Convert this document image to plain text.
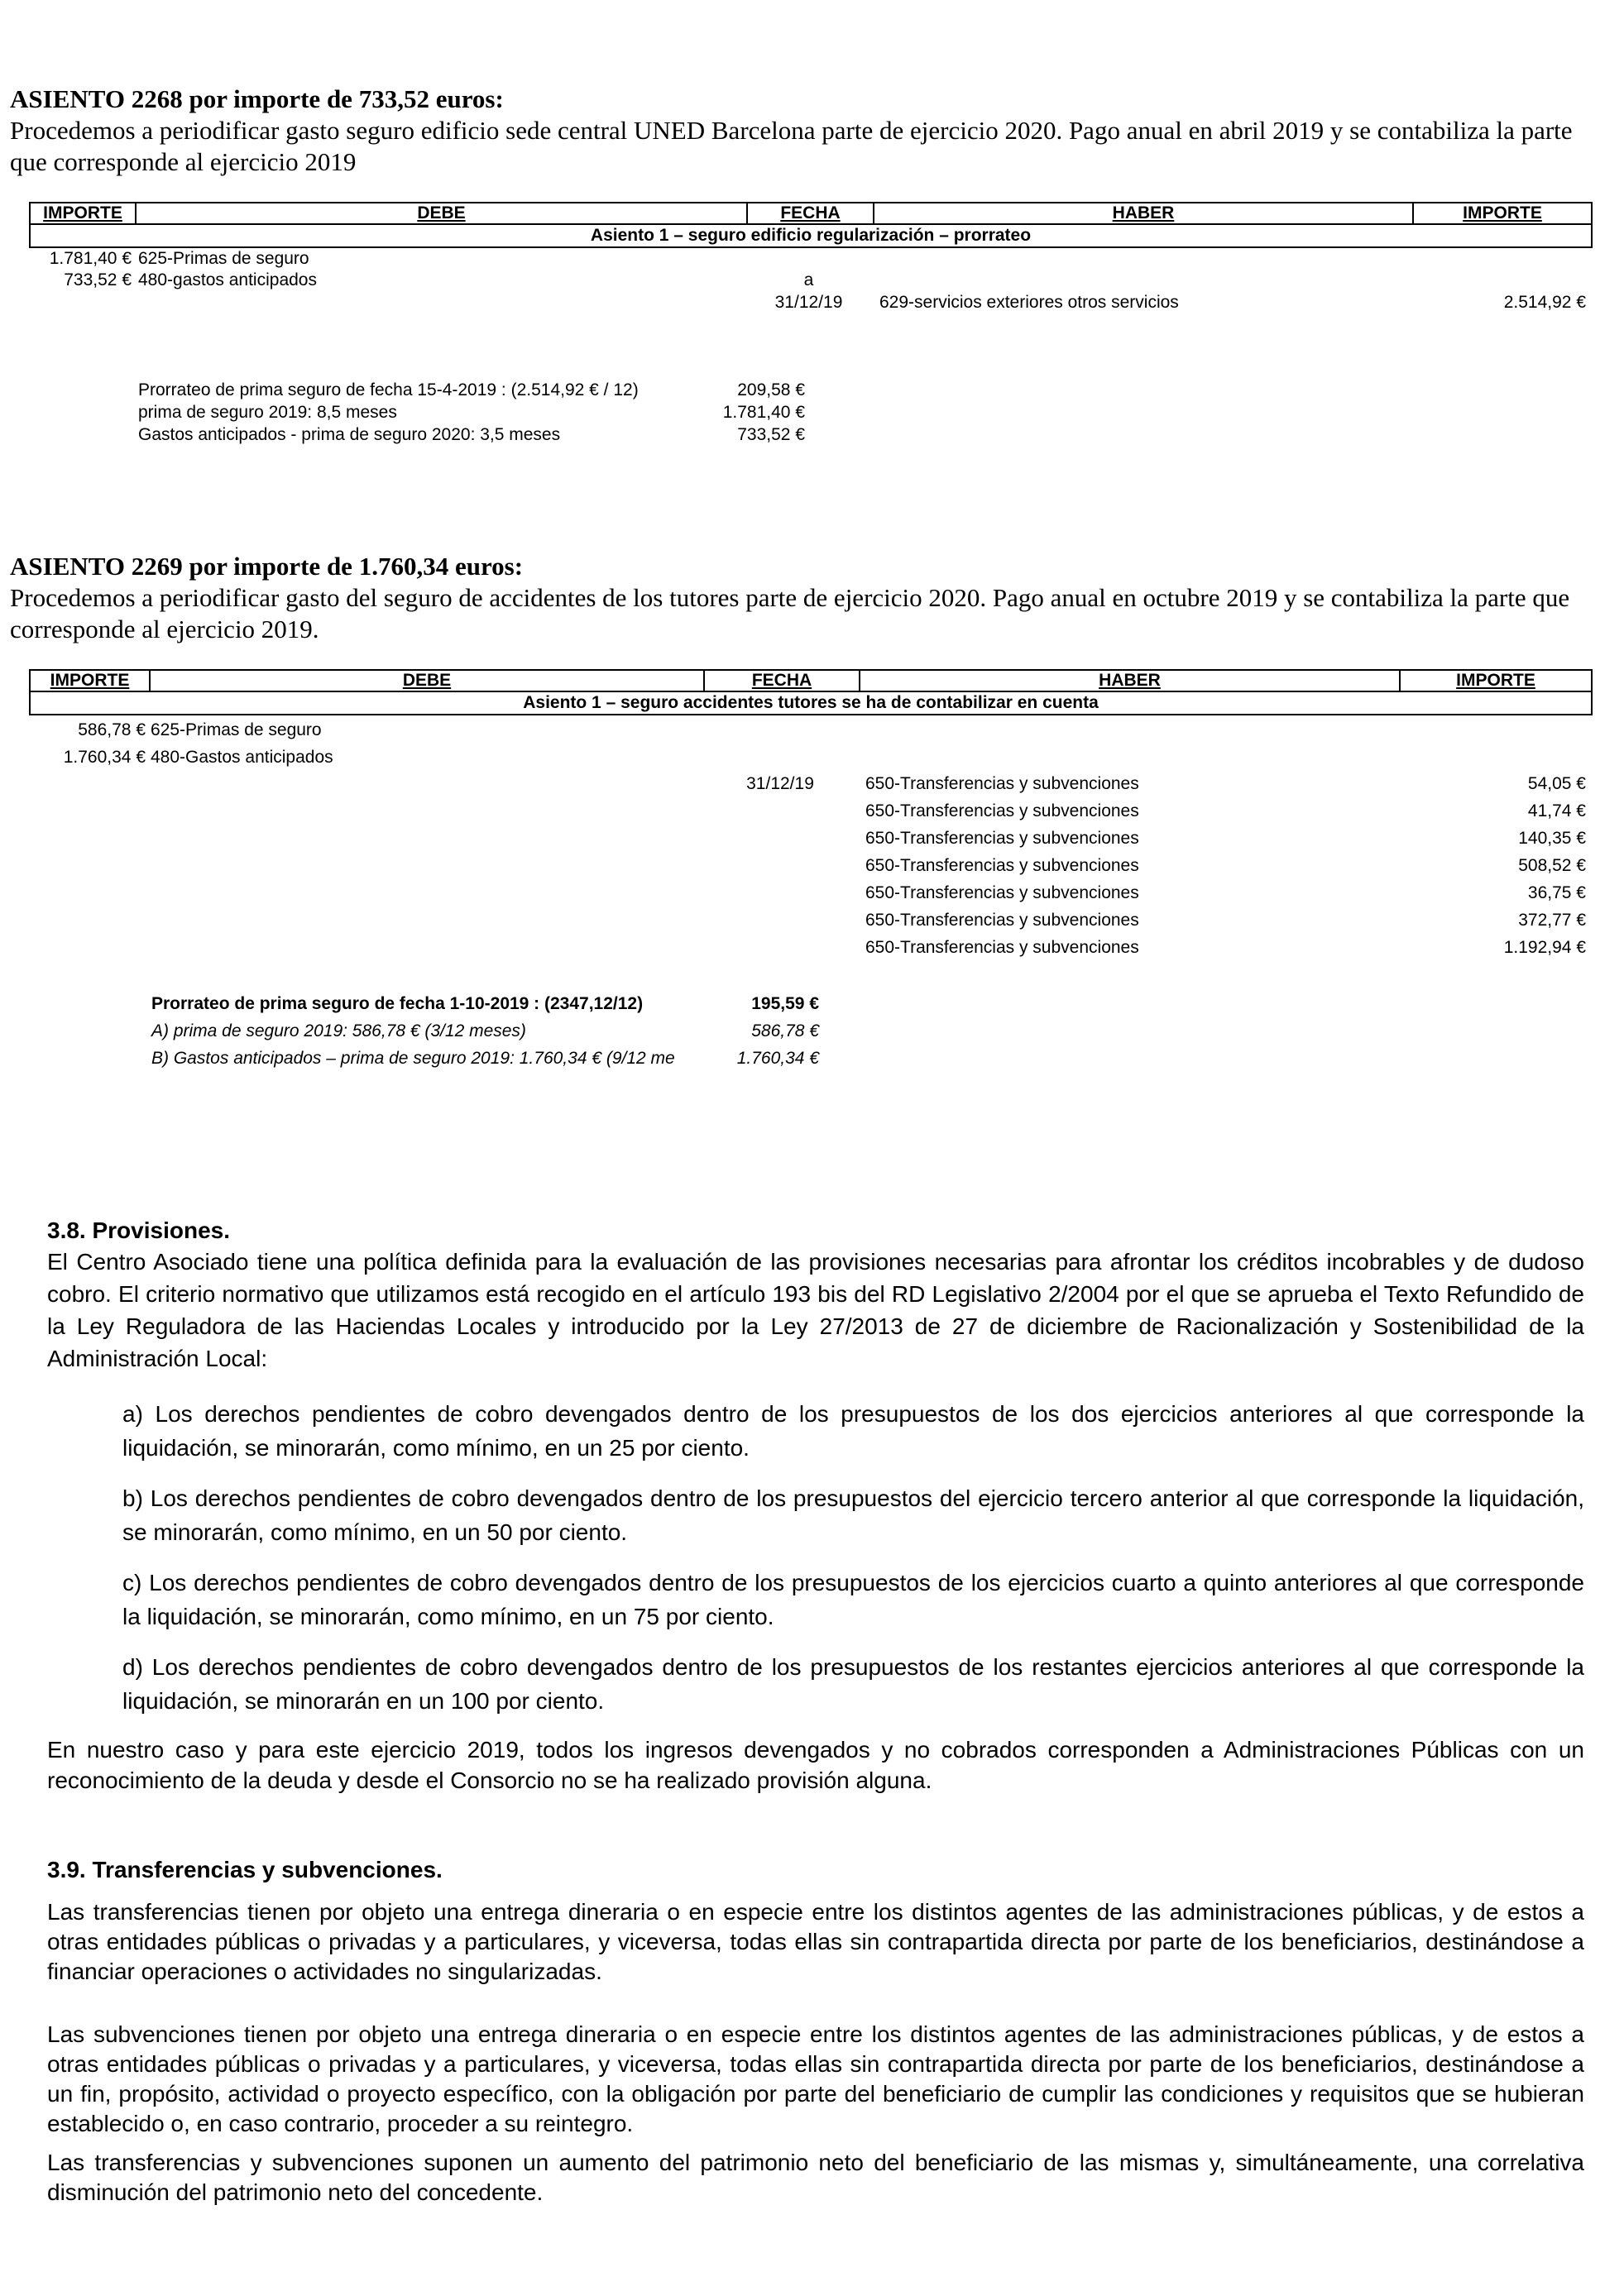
ASIENTO 2268 por importe de 733,52 euros:
Procedemos a periodificar gasto seguro edificio sede central UNED Barcelona parte de ejercicio 2020. Pago anual en abril 2019 y se contabiliza la parte que corresponde al ejercicio 2019
IMPORTE	DEBE	FECHA	HABER	IMPORTE
Asiento 1 – seguro edificio regularización – prorrateo
1.781,40 € 625-Primas de seguro
733,52 € 480-gastos anticipados	a
31/12/19	629-servicios exteriores otros servicios	2.514,92 €
Prorrateo de prima seguro de fecha 15-4-2019 : (2.514,92 € / 12)	209,58 €
prima de seguro 2019: 8,5 meses	1.781,40 €
Gastos anticipados - prima de seguro 2020: 3,5 meses	733,52 €
ASIENTO 2269 por importe de 1.760,34 euros:
Procedemos a periodificar gasto del seguro de accidentes de los tutores parte de ejercicio 2020. Pago anual en octubre 2019 y se contabiliza la parte que corresponde al ejercicio 2019.
IMPORTE	DEBE	FECHA	HABER	IMPORTE
Asiento 1 – seguro accidentes tutores se ha de contabilizar en cuenta
586,78 € 625-Primas de seguro
1.760,34 € 480-Gastos anticipados
31/12/19	650-Transferencias y subvenciones	54,05 €
650-Transferencias y subvenciones	41,74 €
650-Transferencias y subvenciones	140,35 €
650-Transferencias y subvenciones	508,52 €
650-Transferencias y subvenciones	36,75 €
650-Transferencias y subvenciones	372,77 €
650-Transferencias y subvenciones	1.192,94 €
Prorrateo de prima seguro de fecha 1-10-2019 : (2347,12/12)	195,59 €
A) prima de seguro 2019: 586,78 € (3/12 meses)	586,78 €
B) Gastos anticipados – prima de seguro 2019: 1.760,34 € (9/12 me	1.760,34 €
3.8. Provisiones.
El Centro Asociado tiene una política definida para la evaluación de las provisiones necesarias para afrontar los créditos incobrables y de dudoso cobro. El criterio normativo que utilizamos está recogido en el artículo 193 bis del RD Legislativo 2/2004 por el que se aprueba el Texto Refundido de la Ley Reguladora de las Haciendas Locales y introducido por la Ley 27/2013 de 27 de diciembre de Racionalización y Sostenibilidad de la Administración Local:
a) Los derechos pendientes de cobro devengados dentro de los presupuestos de los dos ejercicios anteriores al que corresponde la liquidación, se minorarán, como mínimo, en un 25 por ciento.
b) Los derechos pendientes de cobro devengados dentro de los presupuestos del ejercicio tercero anterior al que corresponde la liquidación, se minorarán, como mínimo, en un 50 por ciento.
c) Los derechos pendientes de cobro devengados dentro de los presupuestos de los ejercicios cuarto a quinto anteriores al que corresponde la liquidación, se minorarán, como mínimo, en un 75 por ciento.
d) Los derechos pendientes de cobro devengados dentro de los presupuestos de los restantes ejercicios anteriores al que corresponde la liquidación, se minorarán en un 100 por ciento.
En nuestro caso y para este ejercicio 2019, todos los ingresos devengados y no cobrados corresponden a Administraciones Públicas con un reconocimiento de la deuda y desde el Consorcio no se ha realizado provisión alguna.
3.9. Transferencias y subvenciones.
Las transferencias tienen por objeto una entrega dineraria o en especie entre los distintos agentes de las administraciones públicas, y de estos a otras entidades públicas o privadas y a particulares, y viceversa, todas ellas sin contrapartida directa por parte de los beneficiarios, destinándose a financiar operaciones o actividades no singularizadas.
Las subvenciones tienen por objeto una entrega dineraria o en especie entre los distintos agentes de las administraciones públicas, y de estos a otras entidades públicas o privadas y a particulares, y viceversa, todas ellas sin contrapartida directa por parte de los beneficiarios, destinándose a un fin, propósito, actividad o proyecto específico, con la obligación por parte del beneficiario de cumplir las condiciones y requisitos que se hubieran establecido o, en caso contrario, proceder a su reintegro.
Las transferencias y subvenciones suponen un aumento del patrimonio neto del beneficiario de las mismas y, simultáneamente, una correlativa disminución del patrimonio neto del concedente.
